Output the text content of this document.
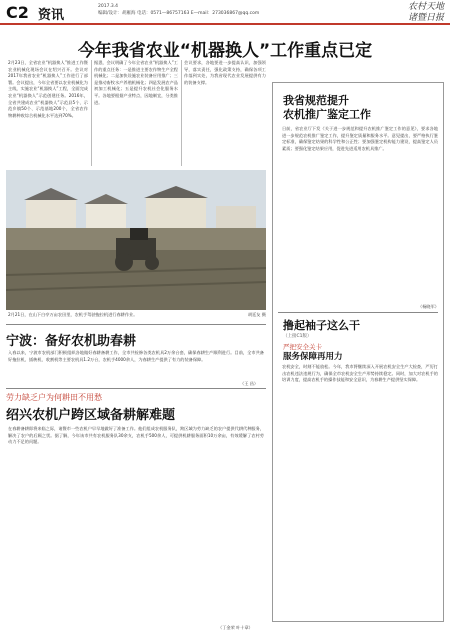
C2 资讯
2017.3.4
编辑/设计：胡雁海 电话：0571—86757163 E—mail：273036867@qq.com
农村天地
诸暨日报
今年我省农业“机器换人”工作重点已定
2月23日，全省农业“机器换人”推进工作暨农业机械化现场会议在绍兴召开。会议对2017年我省农业“机器换人”工作进行了部署。会议提出，今年全省要以农业机械化为主线，实施农业“机器换人”工程，全面完成农业“机器换人”示范创建任务。2016年，全省共建成农业“机器换人”示范县5个、示范乡镇50个、示范基地200个，全省农作物耕种收综合机械化水平达到70%。
据悉，会议明确了今年全省农业“机器换人”工作的重点任务：一是推进主要农作物生产全程机械化；二是加快设施农业装备应用推广；三是推动畜牧水产养殖机械化；四是发展农产品初加工机械化；五是提升农机社会化服务水平。各地要根据产业特点，因地制宜，分类推进。
会议要求，各地要进一步提高认识，加强领导，落实责任，强化政策支持，确保各项工作落到实处，为我省现代农业发展提供有力的装备支撑。
2月21日，在山下白亭万亩农田里，农机手驾驶拖拉机进行春耕作业。	胡廷友 摄
宁波：备好农机助春耕
入春以来，宁波市农机部门积极组织各地做好春耕备耕工作，全市共检修各类农机具2万余台套，确保春耕生产顺利进行。目前，全市共备好拖拉机、插秧机、收割机等主要农机具1.2万台，农机手4000余人，为春耕生产提供了有力的装备保障。
（王 昌）
劳力缺乏户为何耕田不用愁
绍兴农机户跨区域备耕解难题
在春耕备耕即将来临之际，诸暨市一些农机户早早地做好了准备工作。他们组成农机服务队，跨区域为劳力缺乏的农户提供代耕代种服务，解决了农户的后顾之忧。据了解，今年该市共有农机服务队30余支，农机手500余人，可提供机耕服务面积10万余亩，有效缓解了农村劳动力不足的问题。
（丁金荣 叶十章）
我省规范提升
农机推广鉴定工作
日前，省农业厅下发《关于进一步规范和提升农机推广鉴定工作的意见》，要求各地进一步规范农机推广鉴定工作，提升鉴定质量和服务水平。意见提出，要严格执行鉴定标准，确保鉴定结果的科学性和公正性；要加强鉴定机构能力建设，提高鉴定人员素质；要强化鉴定结果应用，促进先进适用农机具推广。
（杨晓军）
撸起袖子这么干
（上接C1版）
严把安全关卡
服务保障再用力
农机安全，时刻不能放松。今年，我市将继续深入开展农机安全生产大检查，严厉打击农机违法违规行为，确保全市农机安全生产形势持续稳定。同时，加大对农机手的培训力度，提高农机手的操作技能和安全意识，为春耕生产提供坚实保障。
